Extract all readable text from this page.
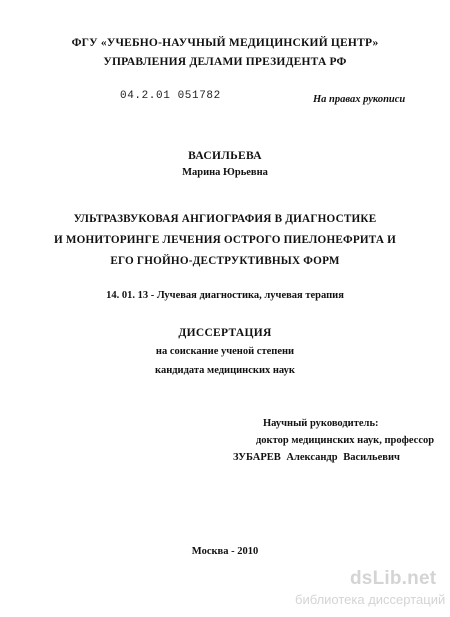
ФГУ «УЧЕБНО-НАУЧНЫЙ МЕДИЦИНСКИЙ ЦЕНТР»
УПРАВЛЕНИЯ ДЕЛАМИ ПРЕЗИДЕНТА РФ
04.2.01 051782	На правах рукописи
ВАСИЛЬЕВА
Марина Юрьевна
УЛЬТРАЗВУКОВАЯ АНГИОГРАФИЯ В ДИАГНОСТИКЕ
И МОНИТОРИНГЕ ЛЕЧЕНИЯ ОСТРОГО ПИЕЛОНЕФРИТА И
ЕГО ГНОЙНО-ДЕСТРУКТИВНЫХ ФОРМ
14. 01. 13 - Лучевая диагностика, лучевая терапия
ДИССЕРТАЦИЯ
на соискание ученой степени
кандидата медицинских наук
Научный руководитель:
доктор медицинских наук, профессор
ЗУБАРЕВ Александр Васильевич
Москва - 2010
dsLib.net
библиотека диссертаций
